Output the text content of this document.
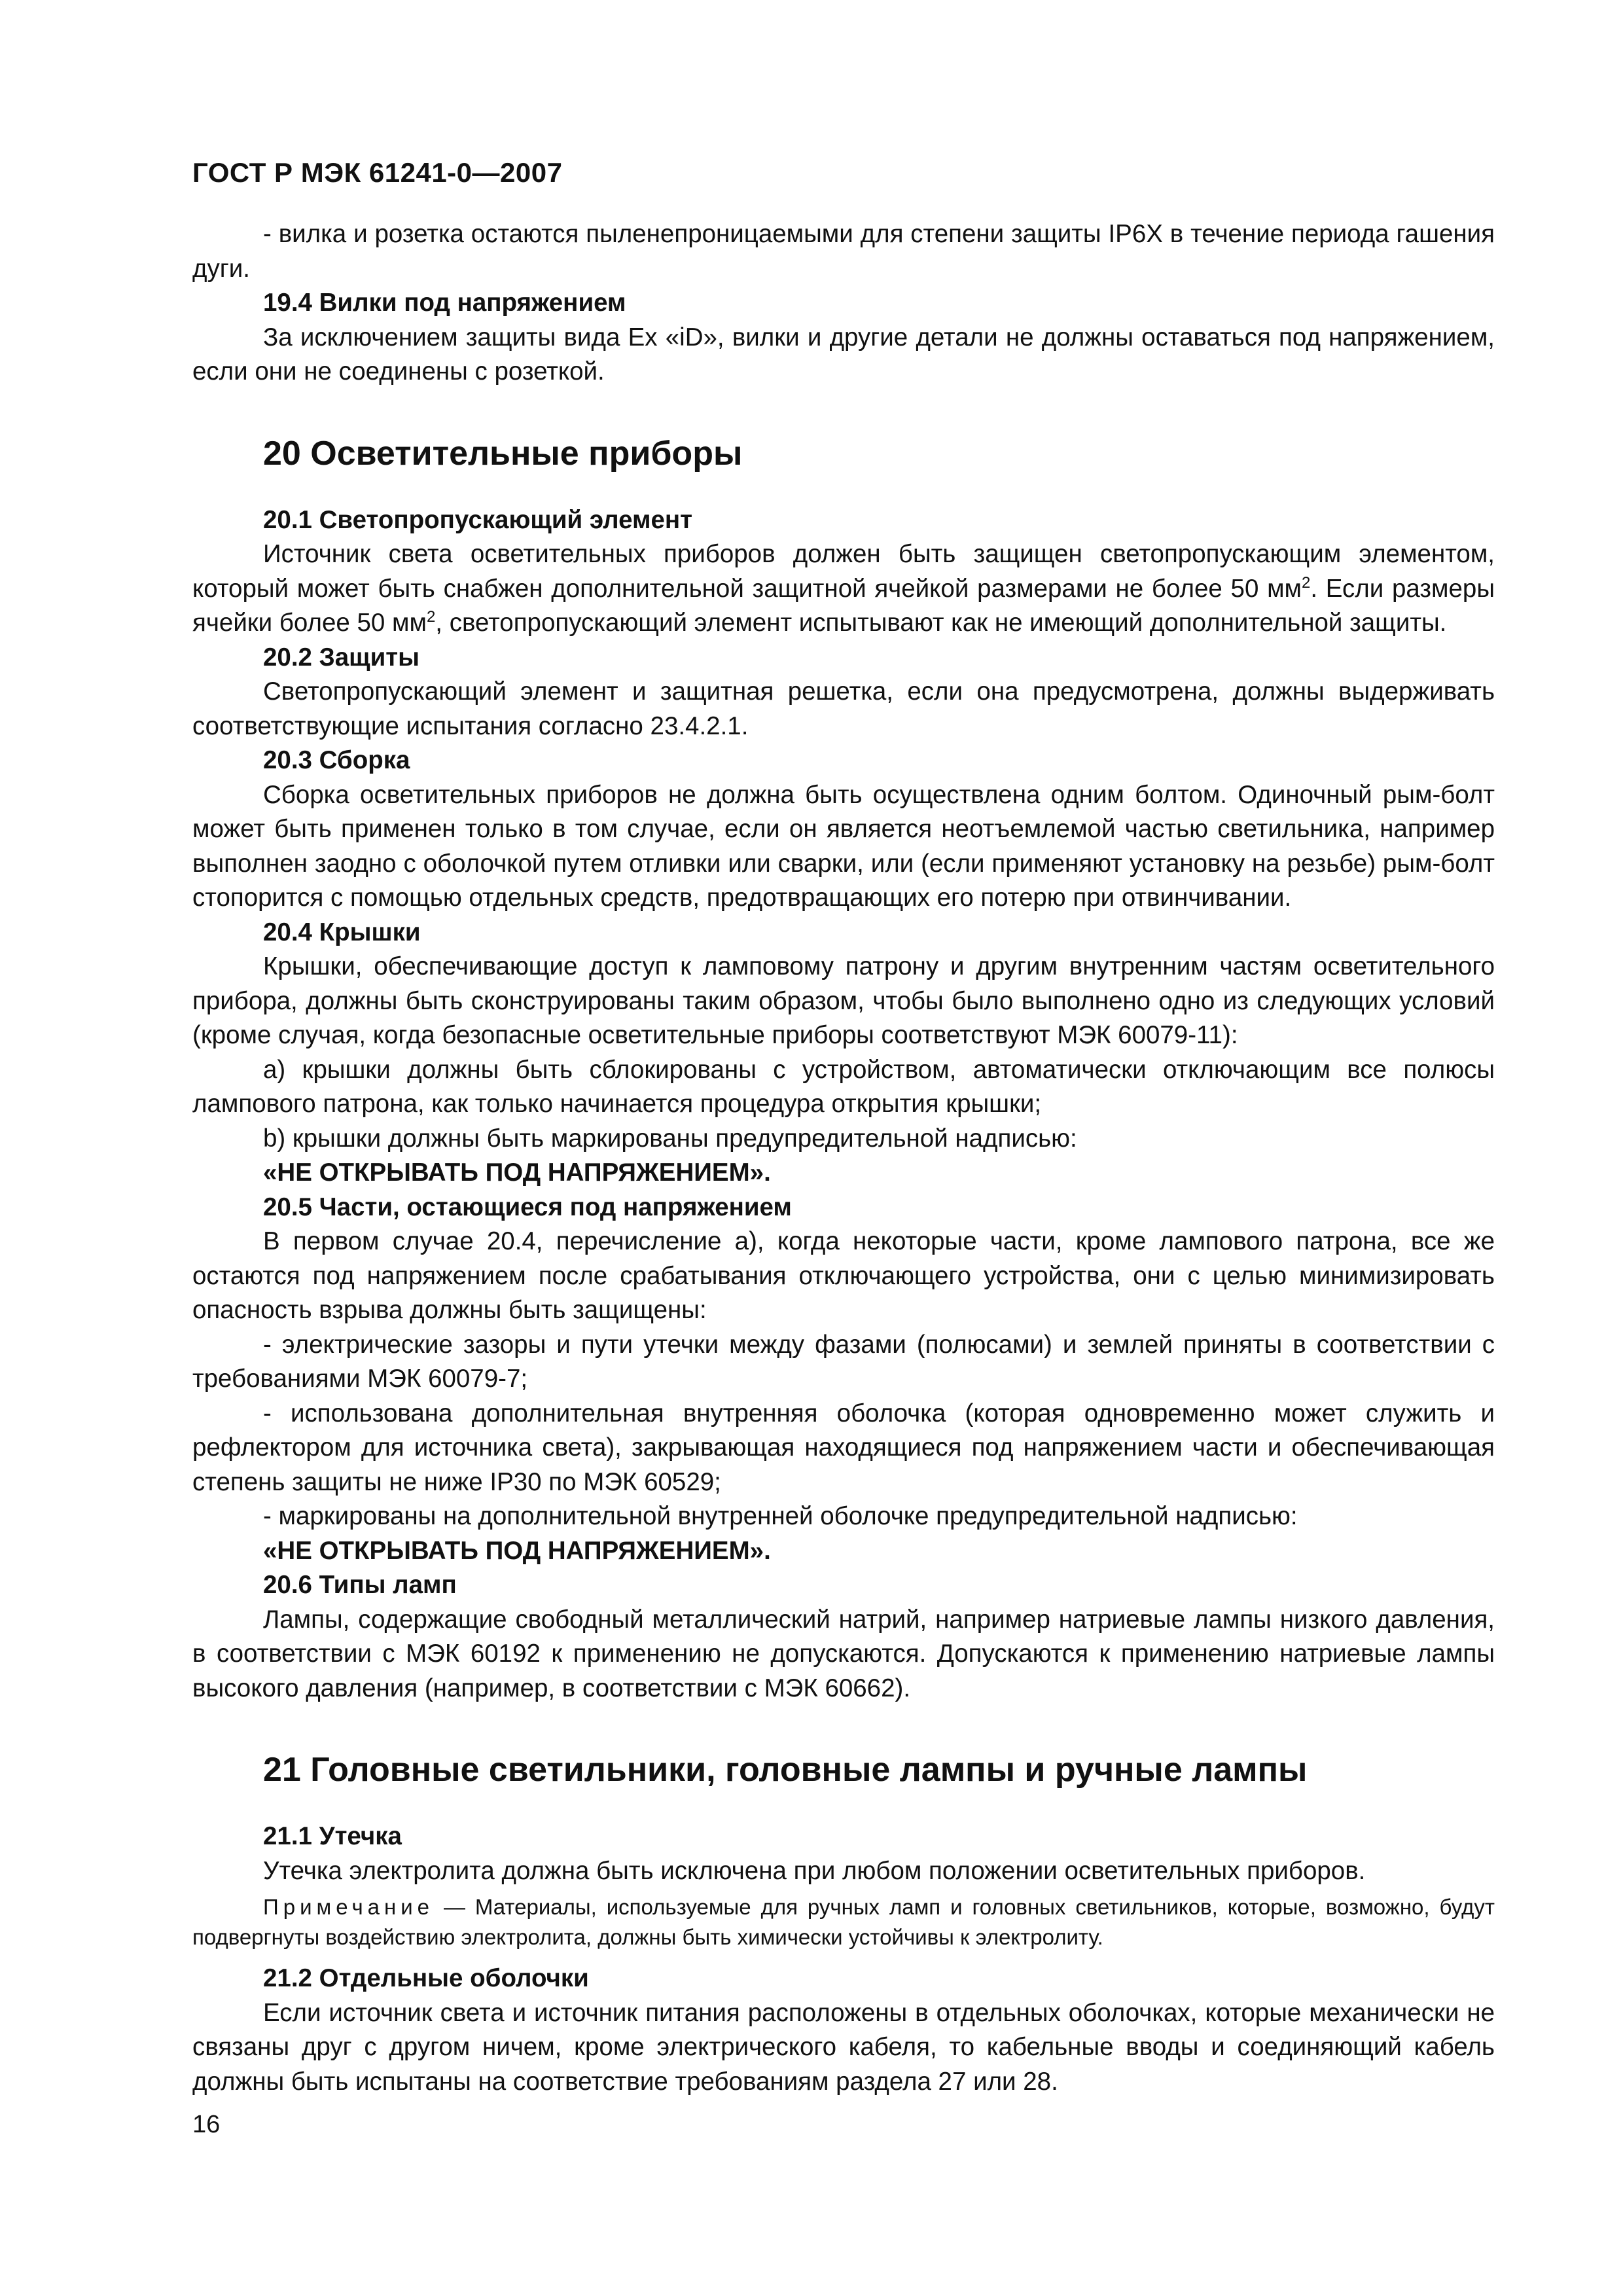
ГОСТ Р МЭК 61241-0—2007

- вилка и розетка остаются пыленепроницаемыми для степени защиты IP6X в течение периода гашения дуги.

19.4 Вилки под напряжением

За исключением защиты вида Ex «iD», вилки и другие детали не должны оставаться под напряжением, если они не соединены с розеткой.

20 Осветительные приборы
20.1 Светопропускающий элемент

Источник света осветительных приборов должен быть защищен светопропускающим элементом, который может быть снабжен дополнительной защитной ячейкой размерами не более 50 $мм^2$. Если размеры ячейки более 50 $мм^2$, светопропускающий элемент испытывают как не имеющий дополнительной защиты.

20.2 Защиты

Светопропускающий элемент и защитная решетка, если она предусмотрена, должны выдерживать соответствующие испытания согласно 23.4.2.1.

20.3 Сборка

Сборка осветительных приборов не должна быть осуществлена одним болтом. Одиночный рым-болт может быть применен только в том случае, если он является неотъемлемой частью светильника, например выполнен заодно с оболочкой путем отливки или сварки, или (если применяют установку на резьбе) рым-болт стопорится с помощью отдельных средств, предотвращающих его потерю при отвинчивании.

20.4 Крышки

Крышки, обеспечивающие доступ к ламповому патрону и другим внутренним частям осветительного прибора, должны быть сконструированы таким образом, чтобы было выполнено одно из следующих условий (кроме случая, когда безопасные осветительные приборы соответствуют МЭК 60079-11):

а) крышки должны быть сблокированы с устройством, автоматически отключающим все полюсы лампового патрона, как только начинается процедура открытия крышки;

b) крышки должны быть маркированы предупредительной надписью:

«НЕ ОТКРЫВАТЬ ПОД НАПРЯЖЕНИЕМ».
20.5 Части, остающиеся под напряжением

В первом случае 20.4, перечисление а), когда некоторые части, кроме лампового патрона, все же остаются под напряжением после срабатывания отключающего устройства, они с целью минимизировать опасность взрыва должны быть защищены:

- электрические зазоры и пути утечки между фазами (полюсами) и землей приняты в соответствии с требованиями МЭК 60079-7;

- использована дополнительная внутренняя оболочка (которая одновременно может служить и рефлектором для источника света), закрывающая находящиеся под напряжением части и обеспечивающая степень защиты не ниже IP30 по МЭК 60529;

- маркированы на дополнительной внутренней оболочке предупредительной надписью:

«НЕ ОТКРЫВАТЬ ПОД НАПРЯЖЕНИЕМ».
20.6 Типы ламп

Лампы, содержащие свободный металлический натрий, например натриевые лампы низкого давления, в соответствии с МЭК 60192 к применению не допускаются. Допускаются к применению натриевые лампы высокого давления (например, в соответствии с МЭК 60662).

21 Головные светильники, головные лампы и ручные лампы
21.1 Утечка

Утечка электролита должна быть исключена при любом положении осветительных приборов.

Примечание — Материалы, используемые для ручных ламп и головных светильников, которые, возможно, будут подвергнуты воздействию электролита, должны быть химически устойчивы к электролиту.

21.2 Отдельные оболочки

Если источник света и источник питания расположены в отдельных оболочках, которые механически не связаны друг с другом ничем, кроме электрического кабеля, то кабельные вводы и соединяющий кабель должны быть испытаны на соответствие требованиям раздела 27 или 28.

16
